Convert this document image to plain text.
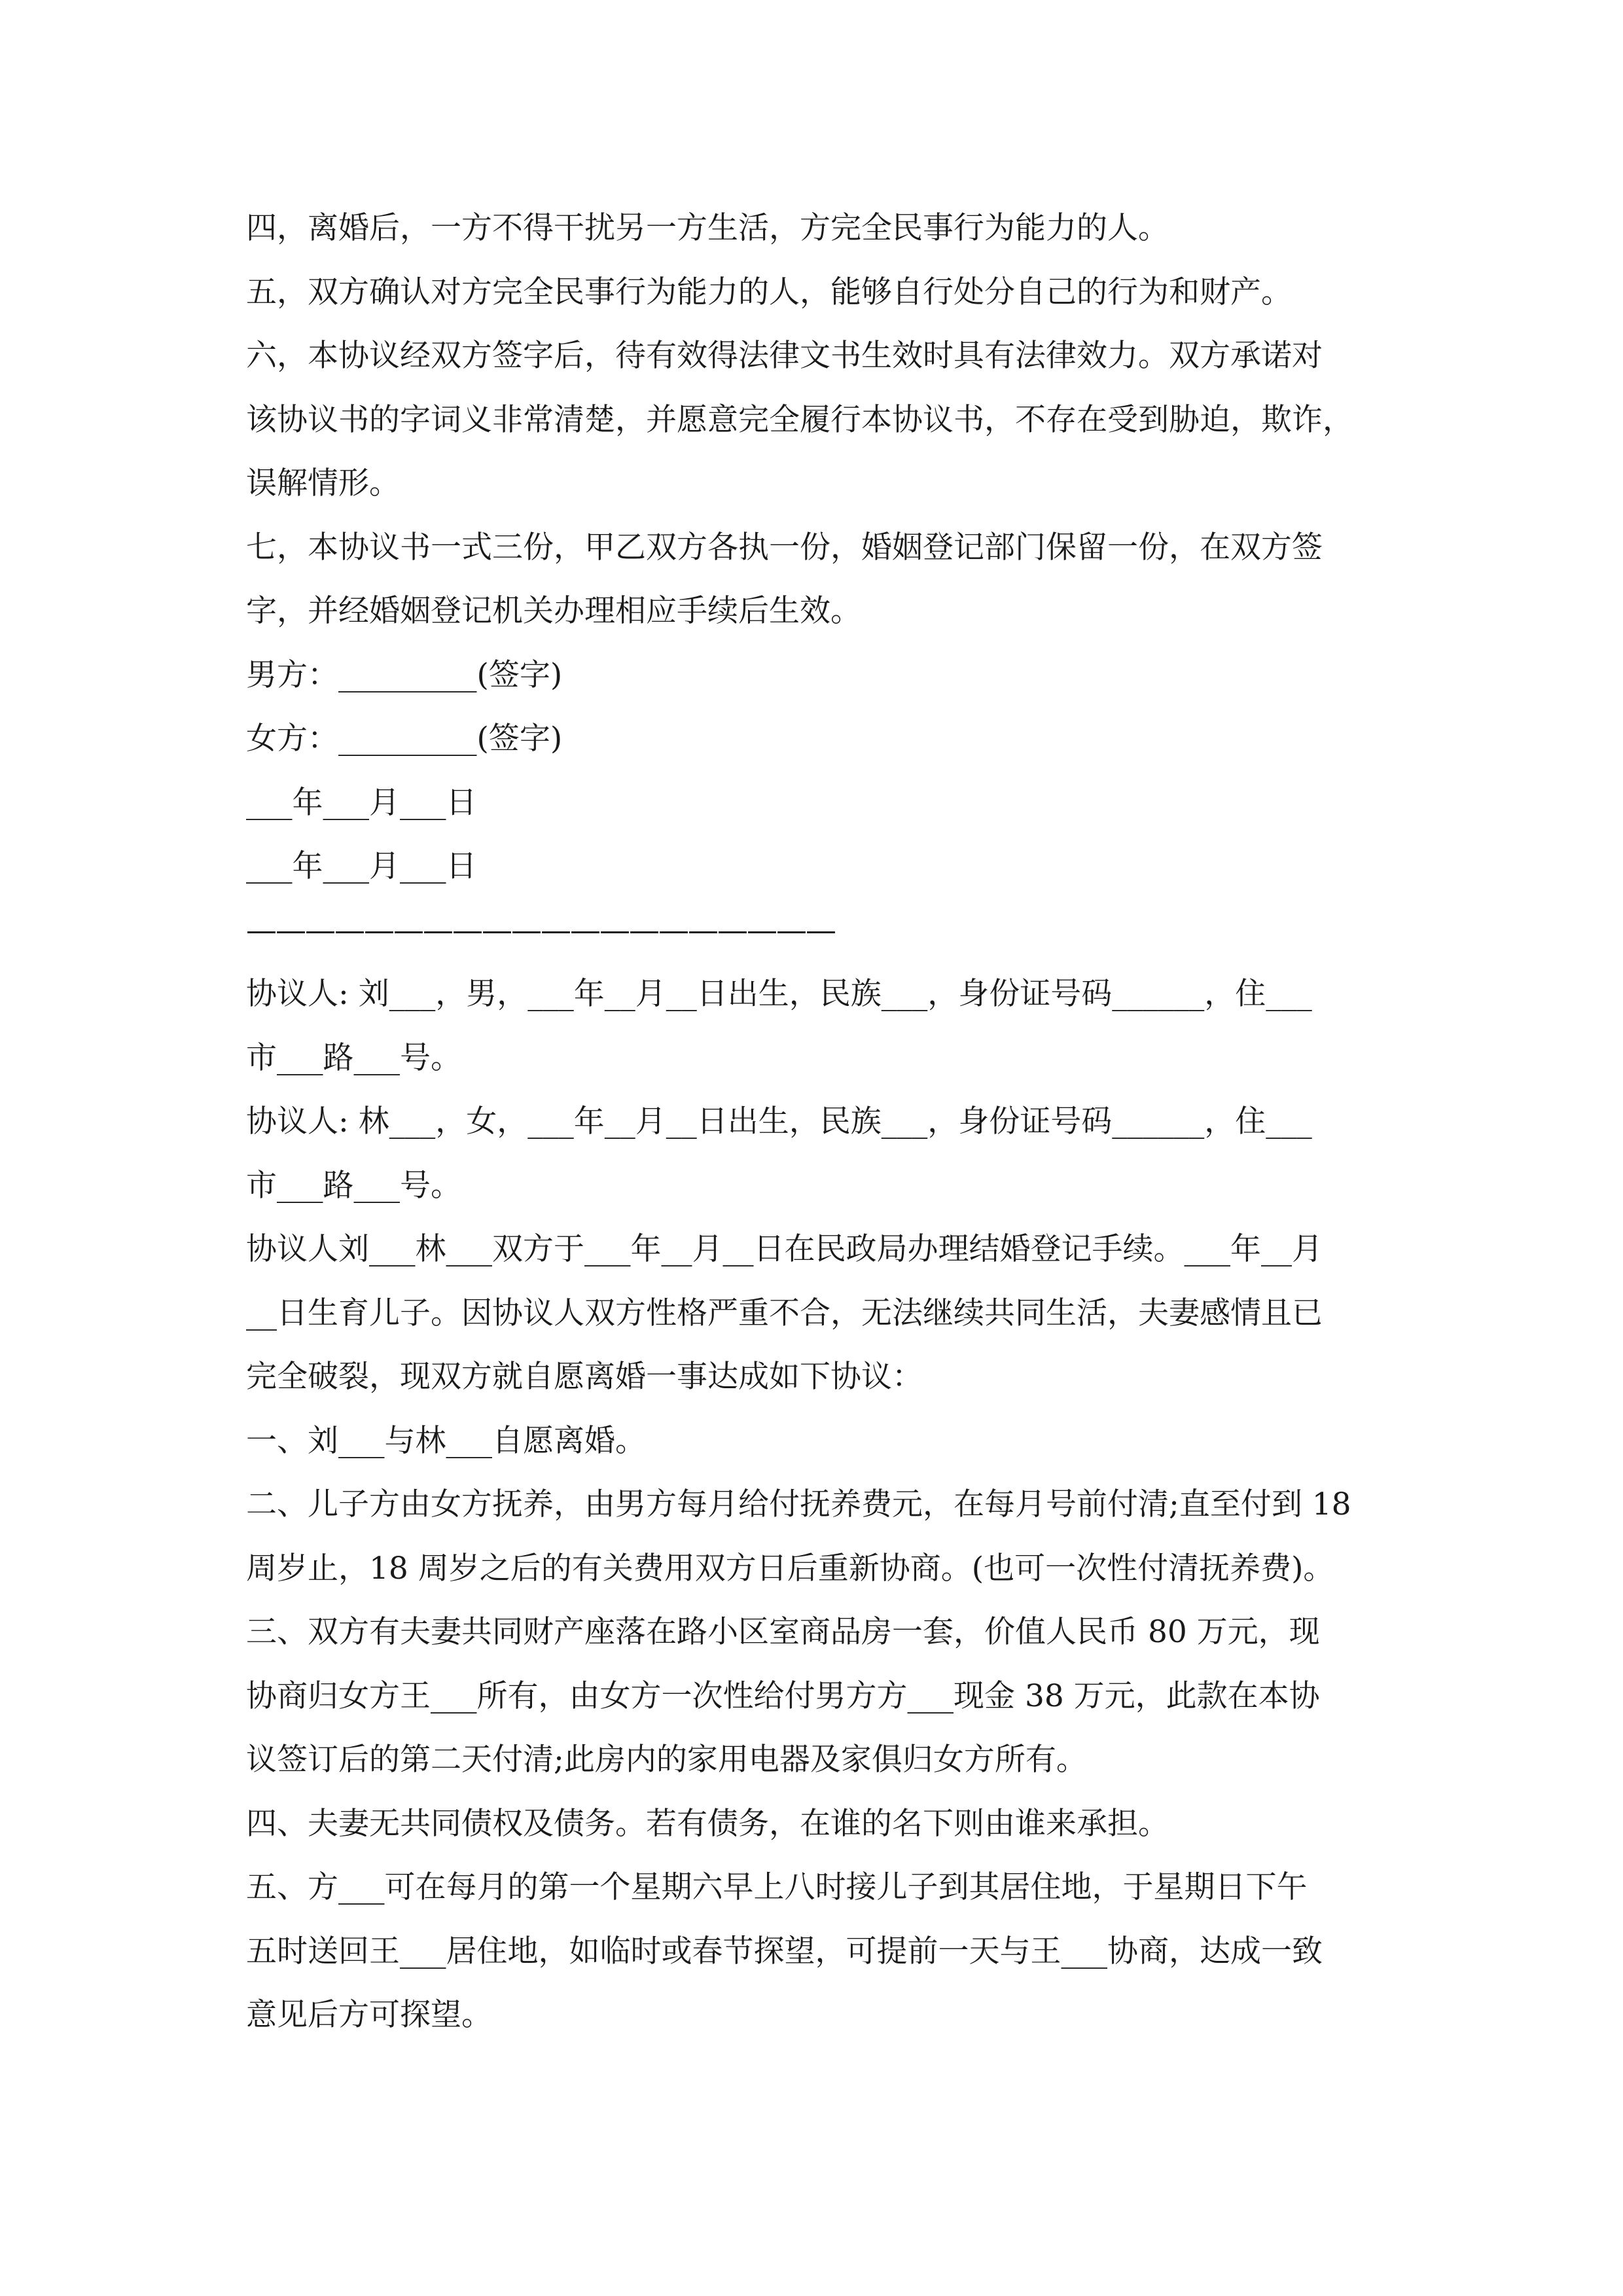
四，离婚后，一方不得干扰另一方生活，方完全民事行为能力的人。
五，双方确认对方完全民事行为能力的人，能够自行处分自己的行为和财产。
六，本协议经双方签字后，待有效得法律文书生效时具有法律效力。双方承诺对
该协议书的字词义非常清楚，并愿意完全履行本协议书，不存在受到胁迫，欺诈，
误解情形。
七，本协议书一式三份，甲乙双方各执一份，婚姻登记部门保留一份，在双方签
字，并经婚姻登记机关办理相应手续后生效。
男方：_________(签字)
女方：_________(签字)
___年___月___日
___年___月___日
————————————————————
协议人: 刘___，男，___年__月__日出生，民族___，身份证号码______，住___
市___路___号。
协议人: 林___，女，___年__月__日出生，民族___，身份证号码______，住___
市___路___号。
协议人刘___林___双方于___年__月__日在民政局办理结婚登记手续。___年__月
__日生育儿子。因协议人双方性格严重不合，无法继续共同生活，夫妻感情且已
完全破裂，现双方就自愿离婚一事达成如下协议：
一、刘___与林___自愿离婚。
二、儿子方由女方抚养，由男方每月给付抚养费元，在每月号前付清;直至付到 18
周岁止，18 周岁之后的有关费用双方日后重新协商。(也可一次性付清抚养费)。
三、双方有夫妻共同财产座落在路小区室商品房一套，价值人民币 80 万元，现
协商归女方王___所有，由女方一次性给付男方方___现金 38 万元，此款在本协
议签订后的第二天付清;此房内的家用电器及家俱归女方所有。
四、夫妻无共同债权及债务。若有债务，在谁的名下则由谁来承担。
五、方___可在每月的第一个星期六早上八时接儿子到其居住地，于星期日下午
五时送回王___居住地，如临时或春节探望，可提前一天与王___协商，达成一致
意见后方可探望。
